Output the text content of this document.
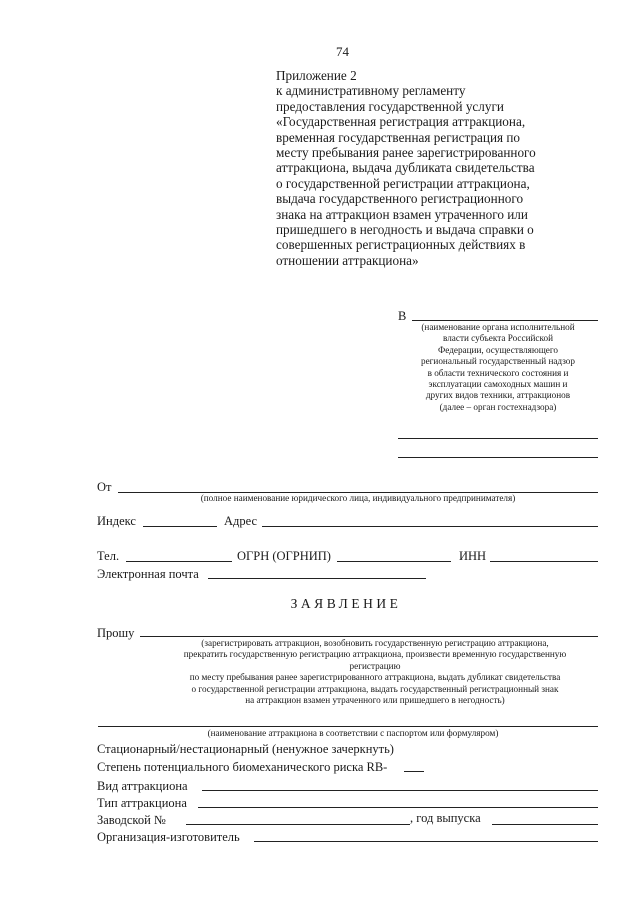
74
Приложение 2
к административному регламенту
предоставления государственной услуги
«Государственная регистрация аттракциона,
временная государственная регистрация по
месту пребывания ранее зарегистрированного
аттракциона, выдача дубликата свидетельства
о государственной регистрации аттракциона,
выдача государственного регистрационного
знака на аттракцион взамен утраченного или
пришедшего в негодность и выдача справки о
совершенных регистрационных действиях в
отношении аттракциона»
В
(наименование органа исполнительной
власти субъекта Российской
Федерации, осуществляющего
региональный государственный надзор
в области технического состояния и
эксплуатации самоходных машин и
других видов техники, аттракционов
(далее – орган гостехнадзора)
От
(полное наименование юридического лица, индивидуального предпринимателя)
Индекс	Адрес
Тел.	ОГРН (ОГРНИП)	ИНН
Электронная почта
ЗАЯВЛЕНИЕ
Прошу
(зарегистрировать аттракцион, возобновить государственную регистрацию аттракциона,
прекратить государственную регистрацию аттракциона, произвести временную государственную
регистрацию
по месту пребывания ранее зарегистрированного аттракциона, выдать дубликат свидетельства
о государственной регистрации аттракциона, выдать государственный регистрационный знак
на аттракцион взамен утраченного или пришедшего в негодность)
(наименование аттракциона в соответствии с паспортом или формуляром)
Стационарный/нестационарный (ненужное зачеркнуть)
Степень потенциального биомеханического риска RB-
Вид аттракциона
Тип аттракциона
Заводской №	, год выпуска
Организация-изготовитель
